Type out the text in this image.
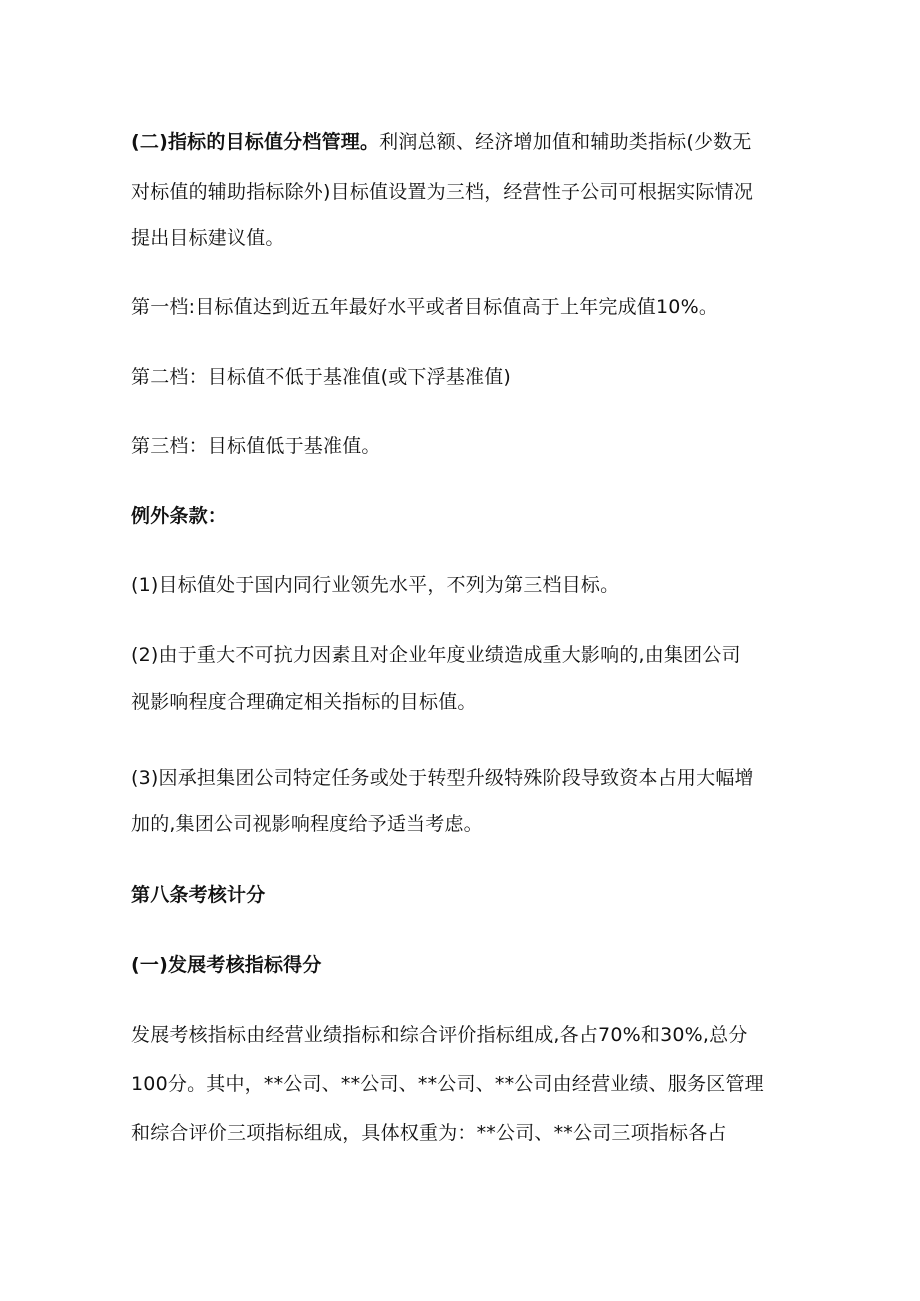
(二)指标的目标值分档管理。利润总额、经济增加值和辅助类指标(少数无
对标值的辅助指标除外)目标值设置为三档，经营性子公司可根据实际情况
提出目标建议值。
第一档:目标值达到近五年最好水平或者目标值高于上年完成值10%。
第二档：目标值不低于基准值(或下浮基准值)
第三档：目标值低于基准值。
例外条款：
(1)目标值处于国内同行业领先水平，不列为第三档目标。
(2)由于重大不可抗力因素且对企业年度业绩造成重大影响的,由集团公司
视影响程度合理确定相关指标的目标值。
(3)因承担集团公司特定任务或处于转型升级特殊阶段导致资本占用大幅增
加的,集团公司视影响程度给予适当考虑。
第八条考核计分
(一)发展考核指标得分
发展考核指标由经营业绩指标和综合评价指标组成,各占70%和30%,总分
100分。其中，**公司、**公司、**公司、**公司由经营业绩、服务区管理
和综合评价三项指标组成，具体权重为：**公司、**公司三项指标各占
